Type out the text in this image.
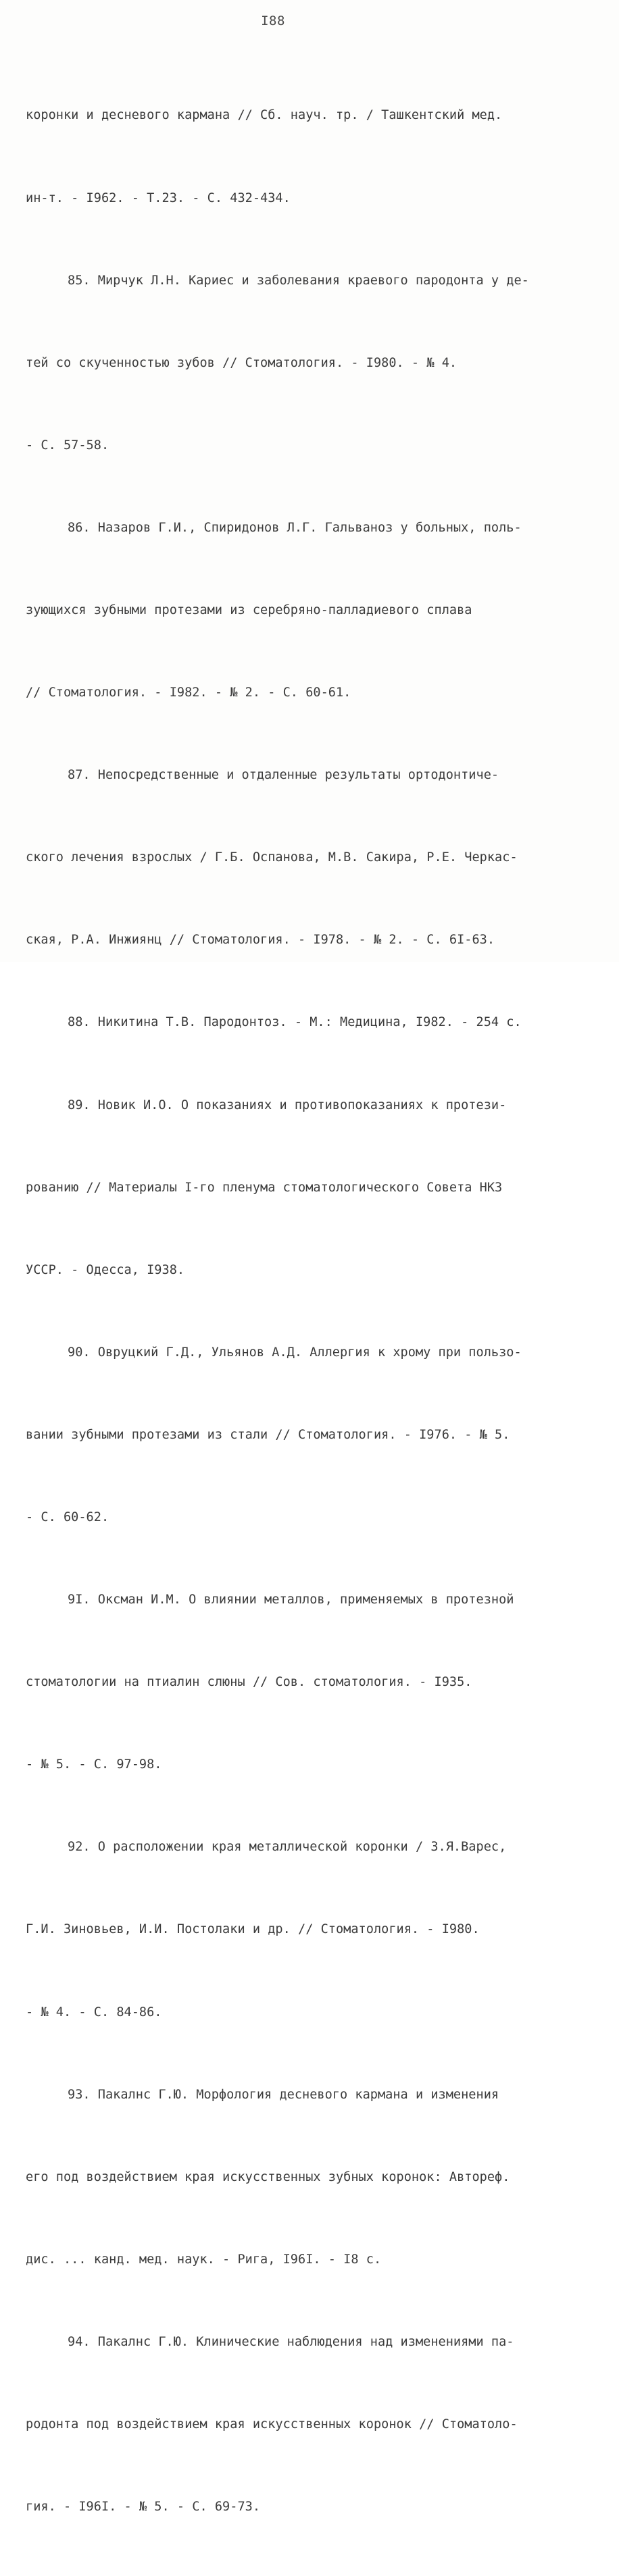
I88

коронки и десневого кармана // Сб. науч. тр. / Ташкентский мед.

ин-т. - I962. - Т.23. - С. 432-434.

85. Мирчук Л.Н. Кариес и заболевания краевого пародонта у де-

тей со скученностью зубов // Стоматология. - I980. - № 4.

- С. 57-58.

86. Назаров Г.И., Спиридонов Л.Г. Гальваноз у больных, поль-

зующихся зубными протезами из серебряно-палладиевого сплава

// Стоматология. - I982. - № 2. - С. 60-61.

87. Непосредственные и отдаленные результаты ортодонтиче-

ского лечения взрослых / Г.Б. Оспанова, М.В. Сакира, Р.Е. Черкас-

ская, Р.А. Инжиянц // Стоматология. - I978. - № 2. - С. 6I-63.

88. Никитина Т.В. Пародонтоз. - М.: Медицина, I982. - 254 с.

89. Новик И.О. О показаниях и противопоказаниях к протези-

рованию // Материалы I-го пленума стоматологического Совета НКЗ

УССР. - Одесса, I938.

90. Овруцкий Г.Д., Ульянов А.Д. Аллергия к хрому при пользо-

вании зубными протезами из стали // Стоматология. - I976. - № 5.

- С. 60-62.

9I. Оксман И.М. О влиянии металлов, применяемых в протезной

стоматологии на птиалин слюны // Сов. стоматология. - I935.

- № 5. - С. 97-98.

92. О расположении края металлической коронки / З.Я.Варес,

Г.И. Зиновьев, И.И. Постолаки и др. // Стоматология. - I980.

- № 4. - С. 84-86.

93. Пакалнс Г.Ю. Морфология десневого кармана и изменения

его под воздействием края искусственных зубных коронок: Автореф.

дис. ... канд. мед. наук. - Рига, I96I. - I8 с.

94. Пакалнс Г.Ю. Клинические наблюдения над изменениями па-

родонта под воздействием края искусственных коронок // Стоматоло-

гия. - I96I. - № 5. - С. 69-73.
